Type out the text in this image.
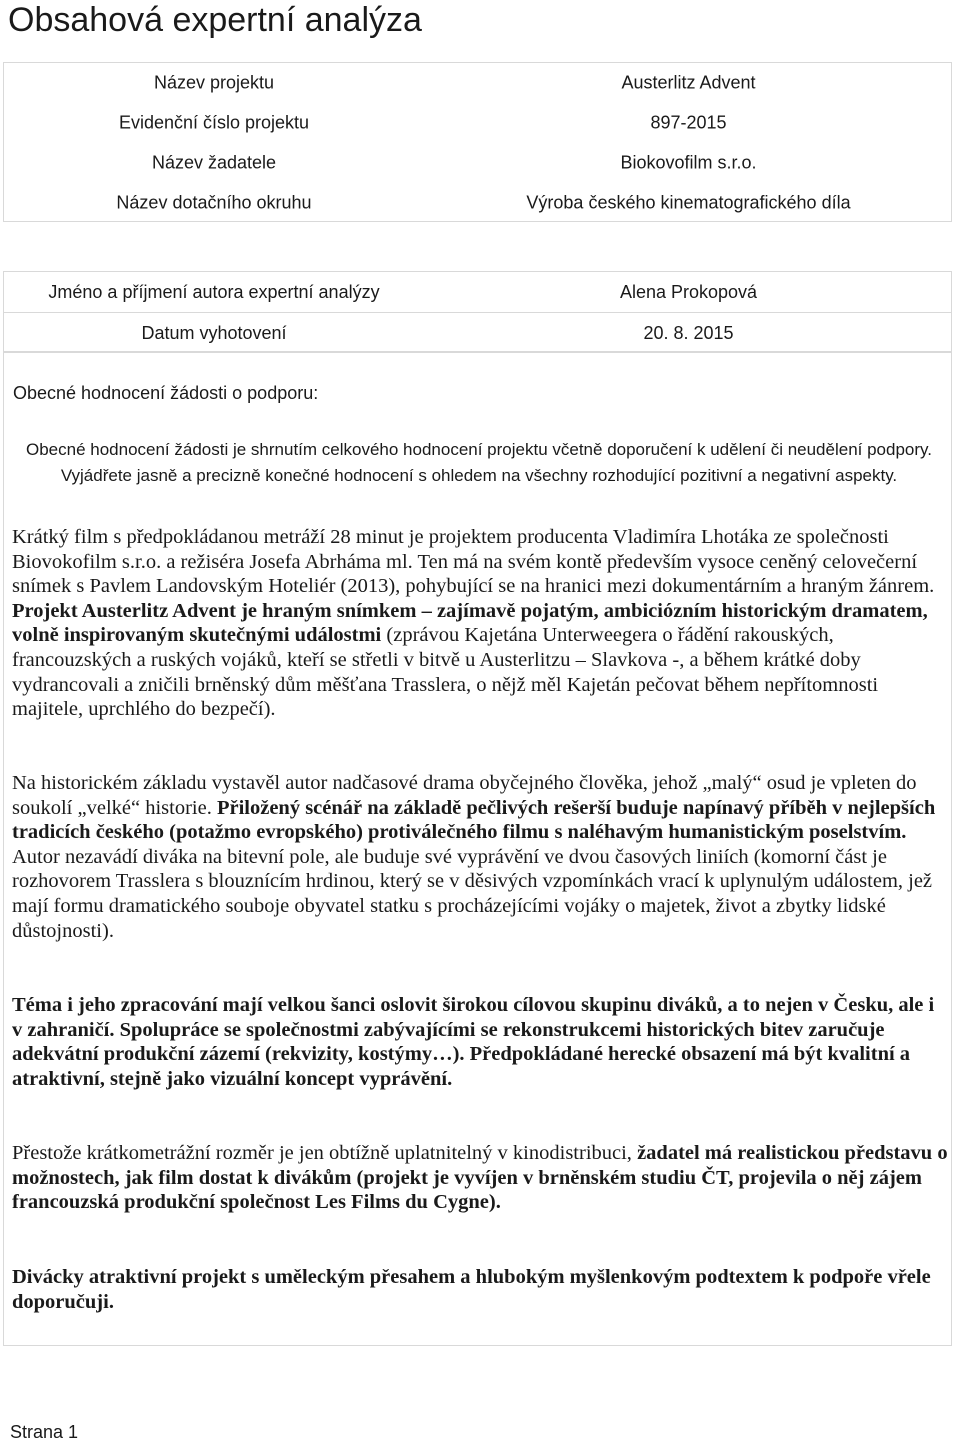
Obsahová expertní analýza
Název projektu	Austerlitz Advent
Evidenční číslo projektu	897-2015
Název žadatele	Biokovofilm s.r.o.
Název dotačního okruhu	Výroba českého kinematografického díla
Jméno a příjmení autora expertní analýzy	Alena Prokopová
Datum vyhotovení	20. 8. 2015
Obecné hodnocení žádosti o podporu:
Obecné hodnocení žádosti je shrnutím celkového hodnocení projektu včetně doporučení k udělení či neudělení podpory. Vyjádřete jasně a precizně konečné hodnocení s ohledem na všechny rozhodující pozitivní a negativní aspekty.

Krátký film s předpokládanou metráží 28 minut je projektem producenta Vladimíra Lhotáka ze společnosti Biovokofilm s.r.o. a režiséra Josefa Abrháma ml. Ten má na svém kontě především vysoce ceněný celovečerní snímek s Pavlem Landovským Hoteliér (2013), pohybující se na hranici mezi dokumentárním a hraným žánrem. Projekt Austerlitz Advent je hraným snímkem – zajímavě pojatým, ambiciózním historickým dramatem, volně inspirovaným skutečnými událostmi (zprávou Kajetána Unterweegera o řádění rakouských, francouzských a ruských vojáků, kteří se střetli v bitvě u Austerlitzu – Slavkova -, a během krátké doby vydrancovali a zničili brněnský dům měšťana Trasslera, o nějž měl Kajetán pečovat během nepřítomnosti majitele, uprchlého do bezpečí).

Na historickém základu vystavěl autor nadčasové drama obyčejného člověka, jehož „malý“ osud je vpleten do soukolí „velké“ historie. Přiložený scénář na základě pečlivých rešerší buduje napínavý příběh v nejlepších tradicích českého (potažmo evropského) protiválečného filmu s naléhavým humanistickým poselstvím. Autor nezavádí diváka na bitevní pole, ale buduje své vyprávění ve dvou časových liniích (komorní část je rozhovorem Trasslera s blouznícím hrdinou, který se v děsivých vzpomínkách vrací k uplynulým událostem, jež mají formu dramatického souboje obyvatel statku s procházejícími vojáky o majetek, život a zbytky lidské důstojnosti).

Téma i jeho zpracování mají velkou šanci oslovit širokou cílovou skupinu diváků, a to nejen v Česku, ale i v zahraničí. Spolupráce se společnostmi zabývajícími se rekonstrukcemi historických bitev zaručuje adekvátní produkční zázemí (rekvizity, kostýmy…). Předpokládané herecké obsazení má být kvalitní a atraktivní, stejně jako vizuální koncept vyprávění.

Přestože krátkometrážní rozměr je jen obtížně uplatnitelný v kinodistribuci, žadatel má realistickou představu o možnostech, jak film dostat k divákům (projekt je vyvíjen v brněnském studiu ČT, projevila o něj zájem francouzská produkční společnost Les Films du Cygne).

Divácky atraktivní projekt s uměleckým přesahem a hlubokým myšlenkovým podtextem k podpoře vřele doporučuji.

Strana 1
